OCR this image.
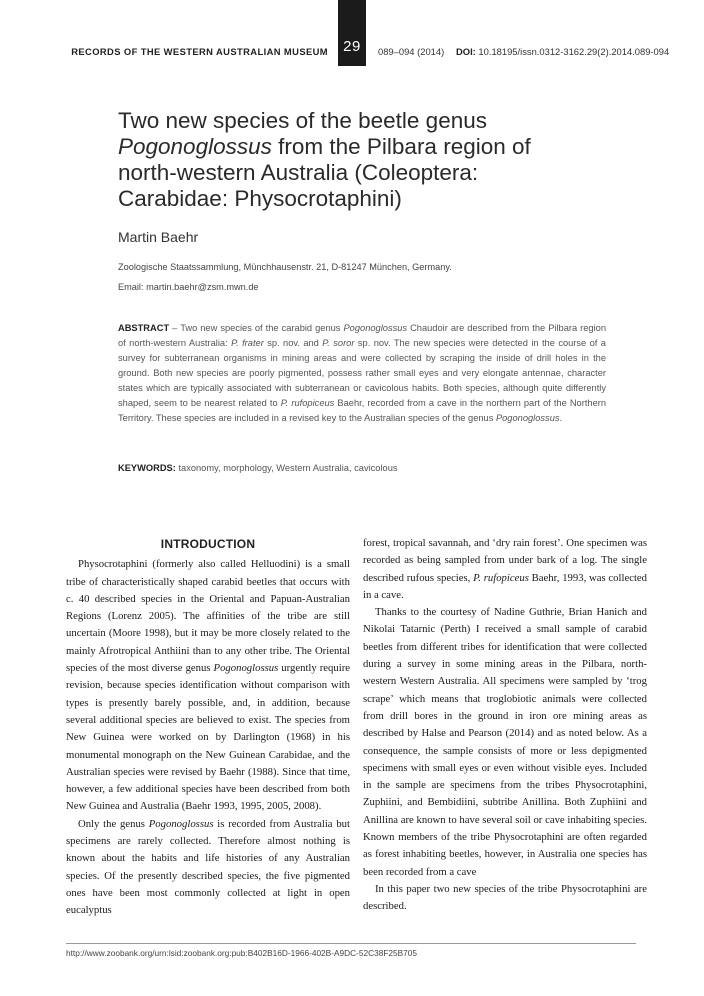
29
RECORDS OF THE WESTERN AUSTRALIAN MUSEUM	089–094 (2014) DOI: 10.18195/issn.0312-3162.29(2).2014.089-094
Two new species of the beetle genus Pogonoglossus from the Pilbara region of north-western Australia (Coleoptera: Carabidae: Physocrotaphini)
Martin Baehr
Zoologische Staatssammlung, Münchhausenstr. 21, D-81247 München, Germany.
Email: martin.baehr@zsm.mwn.de
ABSTRACT – Two new species of the carabid genus Pogonoglossus Chaudoir are described from the Pilbara region of north-western Australia: P. frater sp. nov. and P. soror sp. nov. The new species were detected in the course of a survey for subterranean organisms in mining areas and were collected by scraping the inside of drill holes in the ground. Both new species are poorly pigmented, possess rather small eyes and very elongate antennae, character states which are typically associated with subterranean or cavicolous habits. Both species, although quite differently shaped, seem to be nearest related to P. rufopiceus Baehr, recorded from a cave in the northern part of the Northern Territory. These species are included in a revised key to the Australian species of the genus Pogonoglossus.
KEYWORDS: taxonomy, morphology, Western Australia, cavicolous
INTRODUCTION

Physocrotaphini (formerly also called Helluodini) is a small tribe of characteristically shaped carabid beetles that occurs with c. 40 described species in the Oriental and Papuan-Australian Regions (Lorenz 2005). The affinities of the tribe are still uncertain (Moore 1998), but it may be more closely related to the mainly Afrotropical Anthiini than to any other tribe. The Oriental species of the most diverse genus Pogonoglossus urgently require revision, because species identification without comparison with types is presently barely possible, and, in addition, because several additional species are believed to exist. The species from New Guinea were worked on by Darlington (1968) in his monumental monograph on the New Guinean Carabidae, and the Australian species were revised by Baehr (1988). Since that time, however, a few additional species have been described from both New Guinea and Australia (Baehr 1993, 1995, 2005, 2008).

Only the genus Pogonoglossus is recorded from Australia but specimens are rarely collected. Therefore almost nothing is known about the habits and life histories of any Australian species. Of the presently described species, the five pigmented ones have been most commonly collected at light in open eucalyptus

forest, tropical savannah, and ‘dry rain forest’. One specimen was recorded as being sampled from under bark of a log. The single described rufous species, P. rufopiceus Baehr, 1993, was collected in a cave.

Thanks to the courtesy of Nadine Guthrie, Brian Hanich and Nikolai Tatarnic (Perth) I received a small sample of carabid beetles from different tribes for identification that were collected during a survey in some mining areas in the Pilbara, north-western Western Australia. All specimens were sampled by ‘trog scrape’ which means that troglobiotic animals were collected from drill bores in the ground in iron ore mining areas as described by Halse and Pearson (2014) and as noted below. As a consequence, the sample consists of more or less depigmented specimens with small eyes or even without visible eyes. Included in the sample are specimens from the tribes Physocrotaphini, Zuphiini, and Bembidiini, subtribe Anillina. Both Zuphiini and Anillina are known to have several soil or cave inhabiting species. Known members of the tribe Physocrotaphini are often regarded as forest inhabiting beetles, however, in Australia one species has been recorded from a cave

In this paper two new species of the tribe Physocrotaphini are described.

http://www.zoobank.org/urn:lsid:zoobank.org:pub:B402B16D-1966-402B-A9DC-52C38F25B705
